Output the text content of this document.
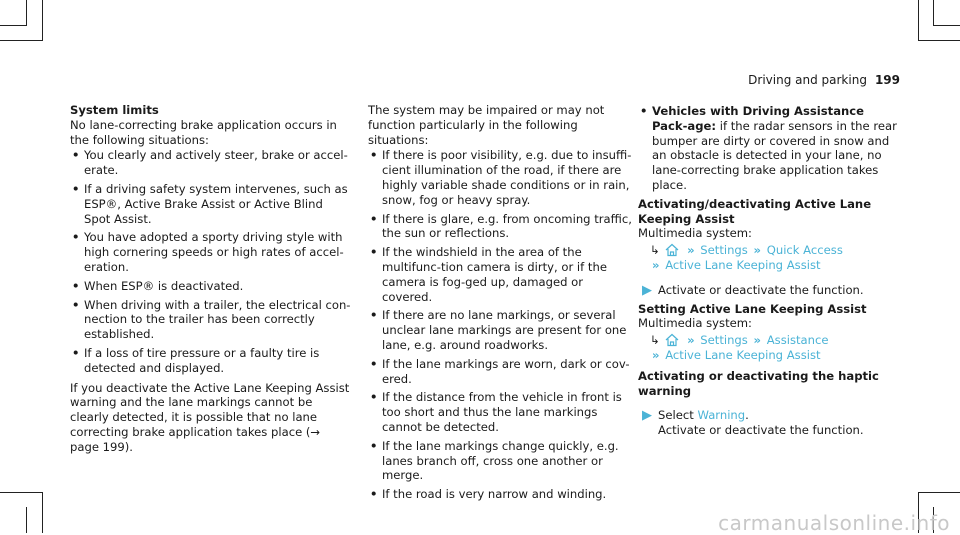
Driving and parking 199

System limits

No lane-correcting brake application occurs in the following situations:

• You clearly and actively steer, brake or accel-erate.
• If a driving safety system intervenes, such as ESP®, Active Brake Assist or Active Blind Spot Assist.
• You have adopted a sporty driving style with high cornering speeds or high rates of accel-eration.
• When ESP® is deactivated.
• When driving with a trailer, the electrical con-nection to the trailer has been correctly established.
• If a loss of tire pressure or a faulty tire is detected and displayed.

If you deactivate the Active Lane Keeping Assist warning and the lane markings cannot be clearly detected, it is possible that no lane correcting brake application takes place (→ page 199).

The system may be impaired or may not function particularly in the following situations:

• If there is poor visibility, e.g. due to insuffi-cient illumination of the road, if there are highly variable shade conditions or in rain, snow, fog or heavy spray.
• If there is glare, e.g. from oncoming traffic, the sun or reflections.
• If the windshield in the area of the multifunc-tion camera is dirty, or if the camera is fog-ged up, damaged or covered.
• If there are no lane markings, or several unclear lane markings are present for one lane, e.g. around roadworks.
• If the lane markings are worn, dark or cov-ered.
• If the distance from the vehicle in front is too short and thus the lane markings cannot be detected.
• If the lane markings change quickly, e.g. lanes branch off, cross one another or merge.
• If the road is very narrow and winding.
• Vehicles with Driving Assistance Pack-age: if the radar sensors in the rear bumper are dirty or covered in snow and an obstacle is detected in your lane, no lane-correcting brake application takes place.

Activating/deactivating Active Lane Keeping Assist

Multimedia system:

↳ » Settings » Quick Access
» Active Lane Keeping Assist
▶ Activate or deactivate the function.

Setting Active Lane Keeping Assist

Multimedia system:

↳ » Settings » Assistance
» Active Lane Keeping Assist

Activating or deactivating the haptic warning

▶ Select Warning.
Activate or deactivate the function.
carmanualsonline.info
